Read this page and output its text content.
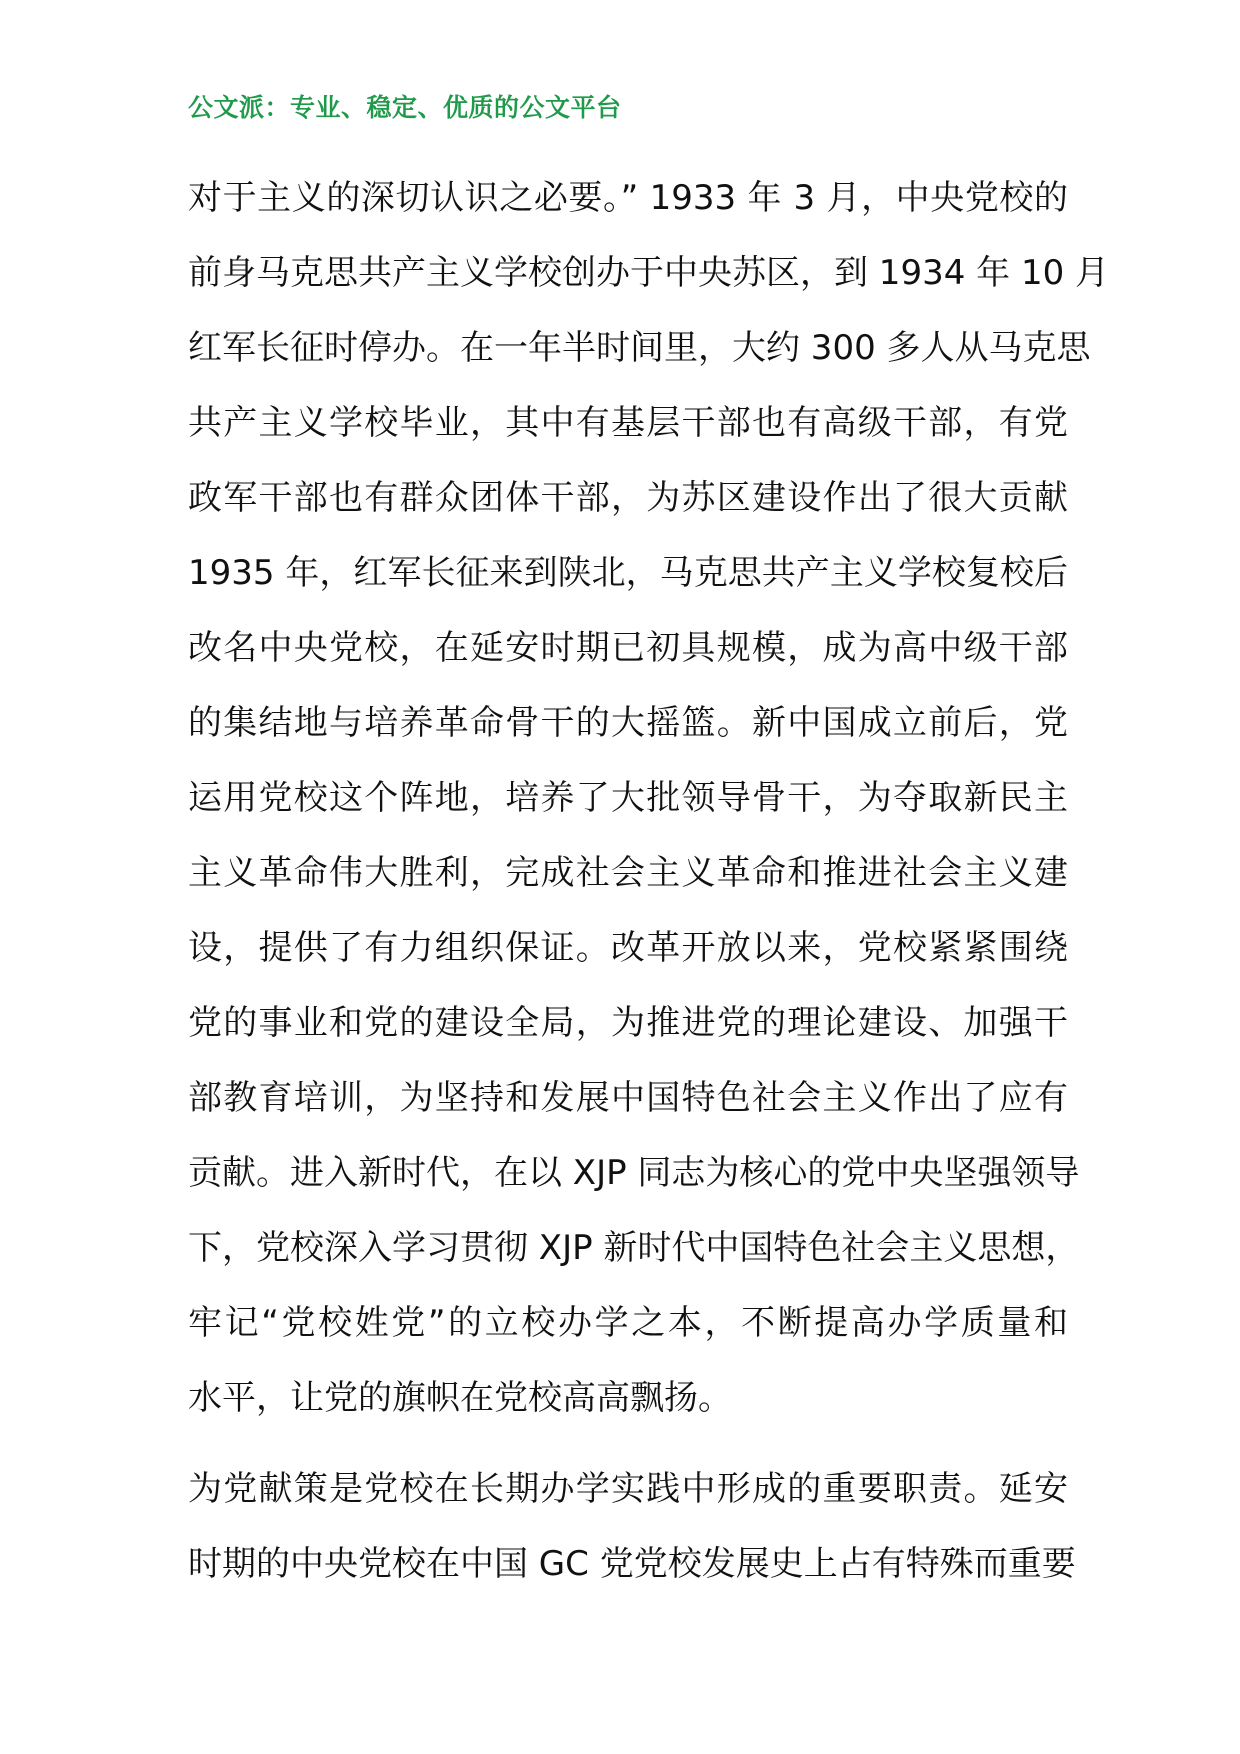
公文派：专业、稳定、优质的公文平台
对于主义的深切认识之必要。” 1933 年 3 月，中央党校的
前身马克思共产主义学校创办于中央苏区，到 1934 年 10 月
红军长征时停办。在一年半时间里，大约 300 多人从马克思
共产主义学校毕业，其中有基层干部也有高级干部，有党
政军干部也有群众团体干部，为苏区建设作出了很大贡献
1935 年，红军长征来到陕北，马克思共产主义学校复校后
改名中央党校，在延安时期已初具规模，成为高中级干部
的集结地与培养革命骨干的大摇篮。新中国成立前后，党
运用党校这个阵地，培养了大批领导骨干，为夺取新民主
主义革命伟大胜利，完成社会主义革命和推进社会主义建
设，提供了有力组织保证。改革开放以来，党校紧紧围绕
党的事业和党的建设全局，为推进党的理论建设、加强干
部教育培训，为坚持和发展中国特色社会主义作出了应有
贡献。进入新时代，在以 XJP 同志为核心的党中央坚强领导
下，党校深入学习贯彻 XJP 新时代中国特色社会主义思想，
牢记“党校姓党”的立校办学之本，不断提高办学质量和
水平，让党的旗帜在党校高高飘扬。
为党献策是党校在长期办学实践中形成的重要职责。延安
时期的中央党校在中国 GC 党党校发展史上占有特殊而重要
